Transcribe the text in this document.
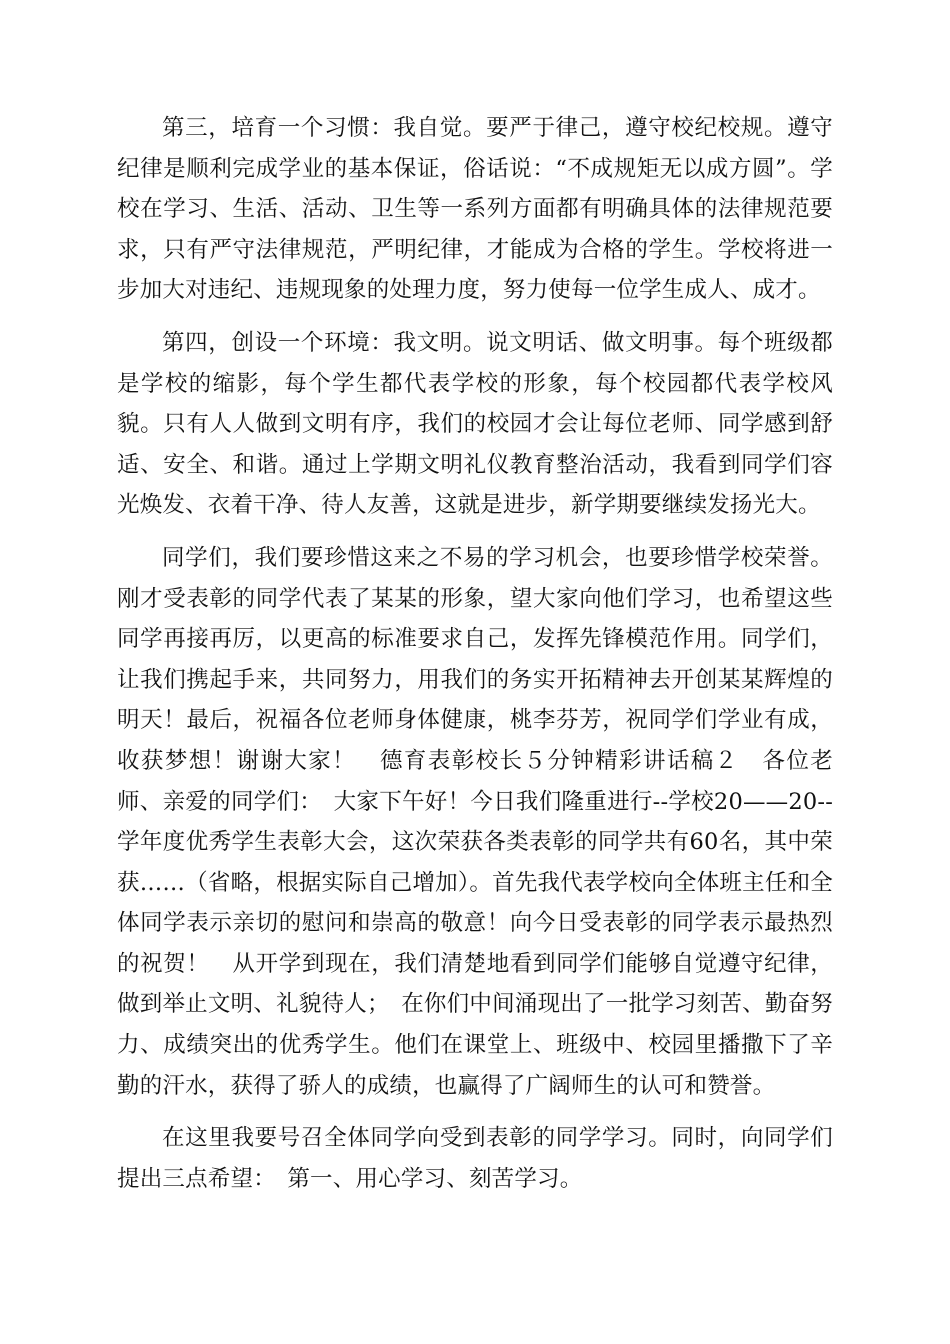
第三，培育一个习惯：我自觉。要严于律己，遵守校纪校规。遵守纪律是顺利完成学业的基本保证，俗话说：“不成规矩无以成方圆”。学校在学习、生活、活动、卫生等一系列方面都有明确具体的法律规范要求，只有严守法律规范，严明纪律，才能成为合格的学生。学校将进一步加大对违纪、违规现象的处理力度，努力使每一位学生成人、成才。

第四，创设一个环境：我文明。说文明话、做文明事。每个班级都是学校的缩影，每个学生都代表学校的形象，每个校园都代表学校风貌。只有人人做到文明有序，我们的校园才会让每位老师、同学感到舒适、安全、和谐。通过上学期文明礼仪教育整治活动，我看到同学们容光焕发、衣着干净、待人友善，这就是进步，新学期要继续发扬光大。

同学们，我们要珍惜这来之不易的学习机会，也要珍惜学校荣誉。刚才受表彰的同学代表了某某的形象，望大家向他们学习，也希望这些同学再接再厉，以更高的标准要求自己，发挥先锋模范作用。同学们，让我们携起手来，共同努力，用我们的务实开拓精神去开创某某辉煌的明天！最后，祝福各位老师身体健康，桃李芬芳，祝同学们学业有成，收获梦想！谢谢大家！　德育表彰校长５分钟精彩讲话稿２　各位老师、亲爱的同学们：　大家下午好！今日我们隆重进行--学校20——20--学年度优秀学生表彰大会，这次荣获各类表彰的同学共有60名，其中荣获……（省略，根据实际自己增加）。首先我代表学校向全体班主任和全体同学表示亲切的慰问和崇高的敬意！向今日受表彰的同学表示最热烈的祝贺！　从开学到现在，我们清楚地看到同学们能够自觉遵守纪律，做到举止文明、礼貌待人；　在你们中间涌现出了一批学习刻苦、勤奋努力、成绩突出的优秀学生。他们在课堂上、班级中、校园里播撒下了辛勤的汗水，获得了骄人的成绩，也赢得了广阔师生的认可和赞誉。

在这里我要号召全体同学向受到表彰的同学学习。同时，向同学们提出三点希望：　第一、用心学习、刻苦学习。
